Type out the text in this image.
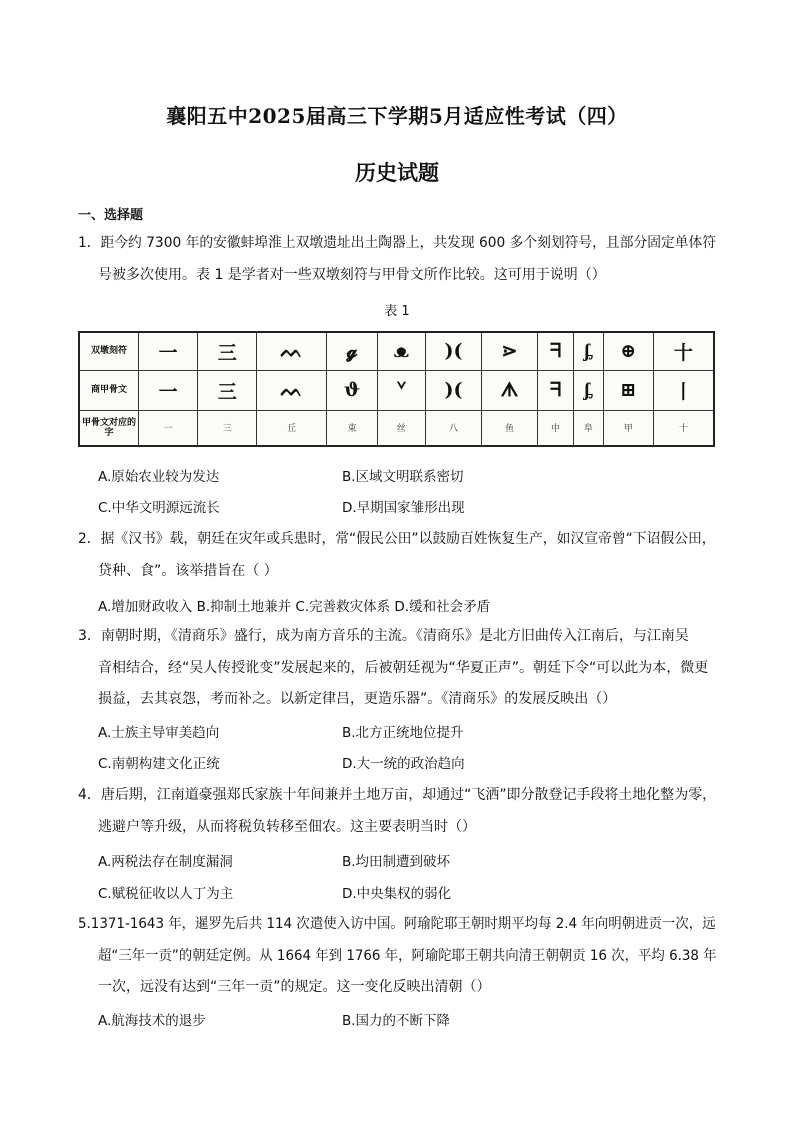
襄阳五中2025届高三下学期5月适应性考试（四）
历史试题
一、选择题
1．距今约 7300 年的安徽蚌埠淮上双墩遗址出土陶器上，共发现 600 多个刻划符号，且部分固定单体符
号被多次使用。表 1 是学者对一些双墩刻符与甲骨文所作比较。这可用于说明（）
表 1
双墩刻符	一	三	ᨓ	𝓰	ᴥ	)(	⋗	ᖷ	ᶋ	⊕	十
商甲骨文	一	三	ᨓ	ϑ	ᘁ	)(	ᗑ	ᖷ	ᶋ	⊞	丨
甲骨文对应的字	一	三	丘	束	丝	八	鱼	中	阜	甲	十
A.原始农业较为发达	B.区域文明联系密切
C.中华文明源远流长	D.早期国家雏形出现
2．据《汉书》载，朝廷在灾年或兵患时，常“假民公田”以鼓励百姓恢复生产，如汉宣帝曾“下诏假公田，
贷种、食”。该举措旨在（ ）
A.增加财政收入 B.抑制土地兼并 C.完善救灾体系 D.缓和社会矛盾
3．南朝时期，《清商乐》盛行，成为南方音乐的主流。《清商乐》是北方旧曲传入江南后，与江南吴
音相结合，经“吴人传授讹变”发展起来的，后被朝廷视为“华夏正声”。朝廷下令“可以此为本，微更
损益，去其哀怨，考而补之。以新定律吕，更造乐器”。《清商乐》的发展反映出（）
A.士族主导审美趋向	B.北方正统地位提升
C.南朝构建文化正统	D.大一统的政治趋向
4．唐后期，江南道豪强郑氏家族十年间兼并土地万亩，却通过“飞洒”即分散登记手段将土地化整为零，
逃避户等升级，从而将税负转移至佃农。这主要表明当时（）
A.两税法存在制度漏洞	B.均田制遭到破坏
C.赋税征收以人丁为主	D.中央集权的弱化
5.1371-1643 年，暹罗先后共 114 次遣使入访中国。阿瑜陀耶王朝时期平均每 2.4 年向明朝进贡一次，远
超“三年一贡”的朝廷定例。从 1664 年到 1766 年，阿瑜陀耶王朝共向清王朝朝贡 16 次，平均 6.38 年
一次，远没有达到“三年一贡”的规定。这一变化反映出清朝（）
A.航海技术的退步	B.国力的不断下降
